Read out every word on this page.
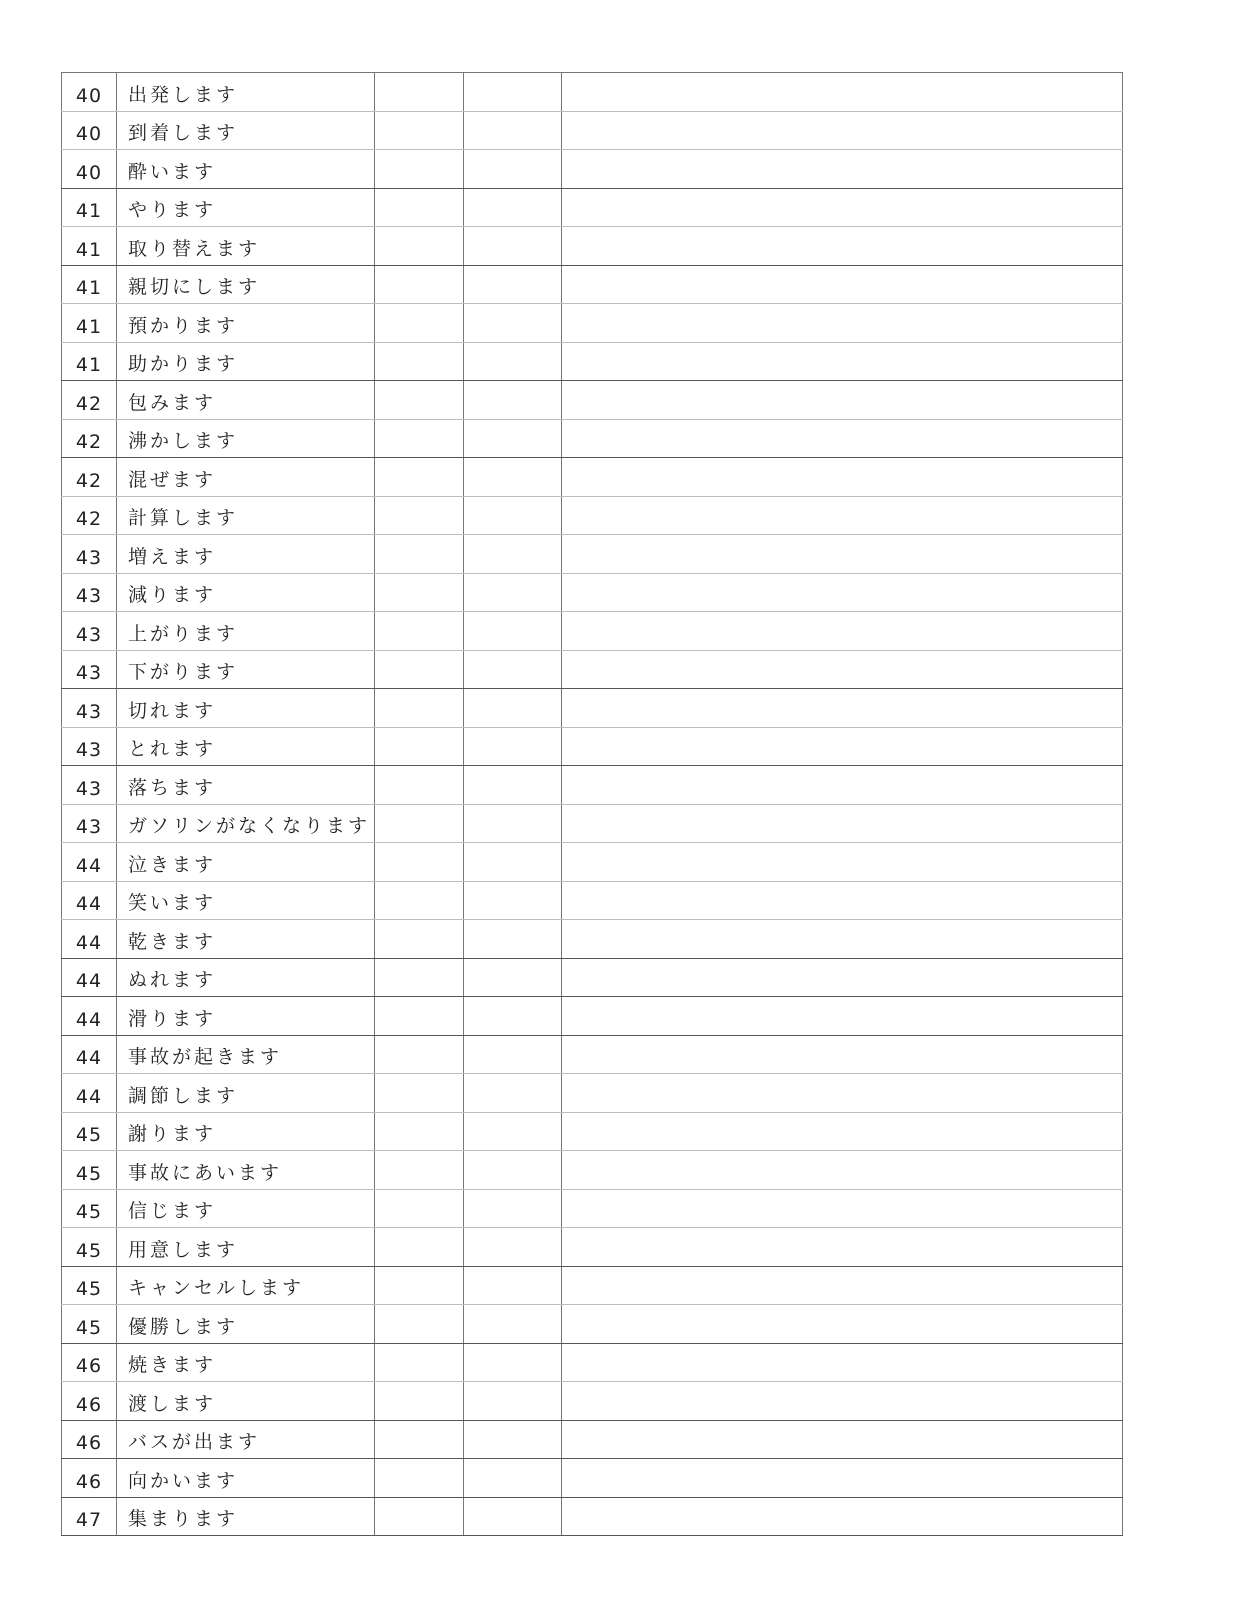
40	出発します			
40	到着します			
40	酔います			
41	やります			
41	取り替えます			
41	親切にします			
41	預かります			
41	助かります			
42	包みます			
42	沸かします			
42	混ぜます			
42	計算します			
43	増えます			
43	減ります			
43	上がります			
43	下がります			
43	切れます			
43	とれます			
43	落ちます			
43	ガソリンがなくなります			
44	泣きます			
44	笑います			
44	乾きます			
44	ぬれます			
44	滑ります			
44	事故が起きます			
44	調節します			
45	謝ります			
45	事故にあいます			
45	信じます			
45	用意します			
45	キャンセルします			
45	優勝します			
46	焼きます			
46	渡します			
46	バスが出ます			
46	向かいます			
47	集まります			
